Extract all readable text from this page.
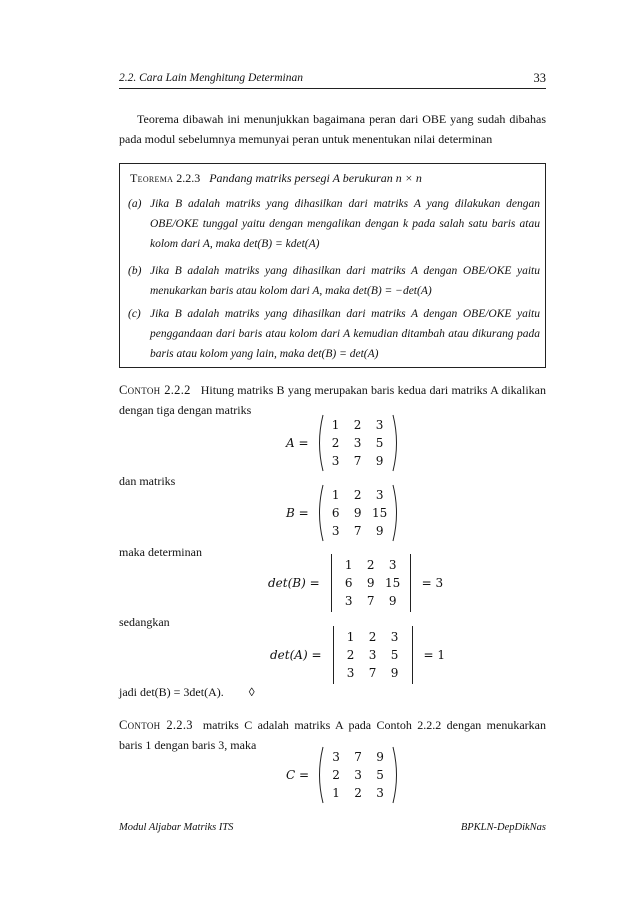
2.2. Cara Lain Menghitung Determinan	33
Teorema dibawah ini menunjukkan bagaimana peran dari OBE yang sudah dibahas pada modul sebelumnya memunyai peran untuk menentukan nilai determinan
Teorema 2.2.3 Pandang matriks persegi A berukuran n × n
(a) Jika B adalah matriks yang dihasilkan dari matriks A yang dilakukan dengan OBE/OKE tunggal yaitu dengan mengalikan dengan k pada salah satu baris atau kolom dari A, maka det(B) = kdet(A)
(b) Jika B adalah matriks yang dihasilkan dari matriks A dengan OBE/OKE yaitu menukarkan baris atau kolom dari A, maka det(B) = −det(A)
(c) Jika B adalah matriks yang dihasilkan dari matriks A dengan OBE/OKE yaitu penggandaan dari baris atau kolom dari A kemudian ditambah atau dikurang pada baris atau kolom yang lain, maka det(B) = det(A)
Contoh 2.2.2 Hitung matriks B yang merupakan baris kedua dari matriks A dikalikan dengan tiga dengan matriks
A =
1	2	3
2	3	5
3	7	9
dan matriks
B =
1	2	3
6	9 15
3	7	9
maka determinan
det(B) =
1	2	3
6	9 15
3	7	9
= 3
sedangkan
det(A) =
1	2	3
2	3	5
3	7	9
= 1
jadi det(B) = 3det(A). ◊
Contoh 2.2.3 matriks C adalah matriks A pada Contoh 2.2.2 dengan menukarkan baris 1 dengan baris 3, maka
C =
3	7	9
2	3	5
1	2	3
Modul Aljabar Matriks ITS	BPKLN-DepDikNas
